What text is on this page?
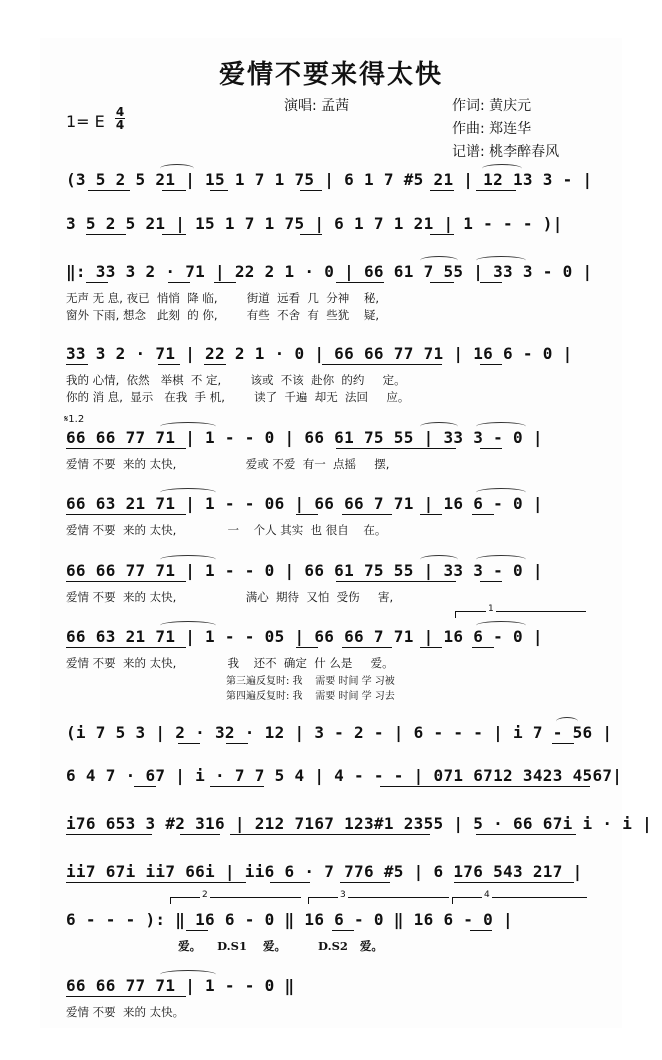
爱情不要来得太快
演唱: 孟茜	作词: 黄庆元
作曲: 郑连华
记谱: 桃李醉春风
1= E 4
4
(3 5 2 5 21 | 15 1 7 1 75 | 6 1 7 #5 21 | 12 13 3 - |
3 5 2 5 21 | 15 1 7 1 75 | 6 1 7 1 21 | 1 - - - )|
‖: 33 3 2 · 71 | 22 2 1 · 0 | 66 61 7 55 | 33 3 - 0 |
无声 无 息, 夜已  悄悄  降 临,        街道  远看  几  分神    秘,
窗外 下雨, 想念   此刻  的 你,        有些  不舍  有  些犹    疑,
33 3 2 · 71 | 22 2 1 · 0 | 66 66 77 71 | 16 6 - 0 |
我的 心情,  依然   举棋  不 定,        该或  不该  赴你  的约     定。
你的 消 息,  显示   在我  手 机,        读了  千遍  却无  法回     应。
𝄋1.2
66 66 77 71 | 1 - - 0 | 66 61 75 55 | 33 3 - 0 |
爱情 不要  来的 太快,                   爱或 不爱  有一  点摇     摆,
66 63 21 71 | 1 - - 06 | 66 66 7 71 | 16 6 - 0 |
爱情 不要  来的 太快,              一    个人 其实  也 很自    在。
66 66 77 71 | 1 - - 0 | 66 61 75 55 | 33 3 - 0 |
爱情 不要  来的 太快,                   满心  期待  又怕  受伤     害,
1
66 63 21 71 | 1 - - 05 | 66 66 7 71 | 16 6 - 0 |
爱情 不要  来的 太快,              我    还不  确定  什 么是     爱。
第三遍反复时: 我    需要 时间 学 习被
第四遍反复时: 我    需要 时间 学 习去
(i 7 5 3 | 2 · 32 · 12 | 3 - 2 - | 6 - - - | i 7 - 56 |
6 4 7 · 67 | i · 7 7 5 4 | 4 - - - | 071 6712 3423 4567|
i76 653 3 #2 316 | 212 7167 123#1 2355 | 5 · 66 67i i · i |
ii7 67i ii7 66i | ii6 6 · 7 776 #5 | 6 176 543 217 |
2	3	4
6 - - - ): ‖ 16 6 - 0 ‖ 16 6 - 0 ‖ 16 6 - 0 |
爱。    D.S1    爱。        D.S2   爱。
66 66 77 71 | 1 - - 0 ‖
爱情 不要  来的 太快。
